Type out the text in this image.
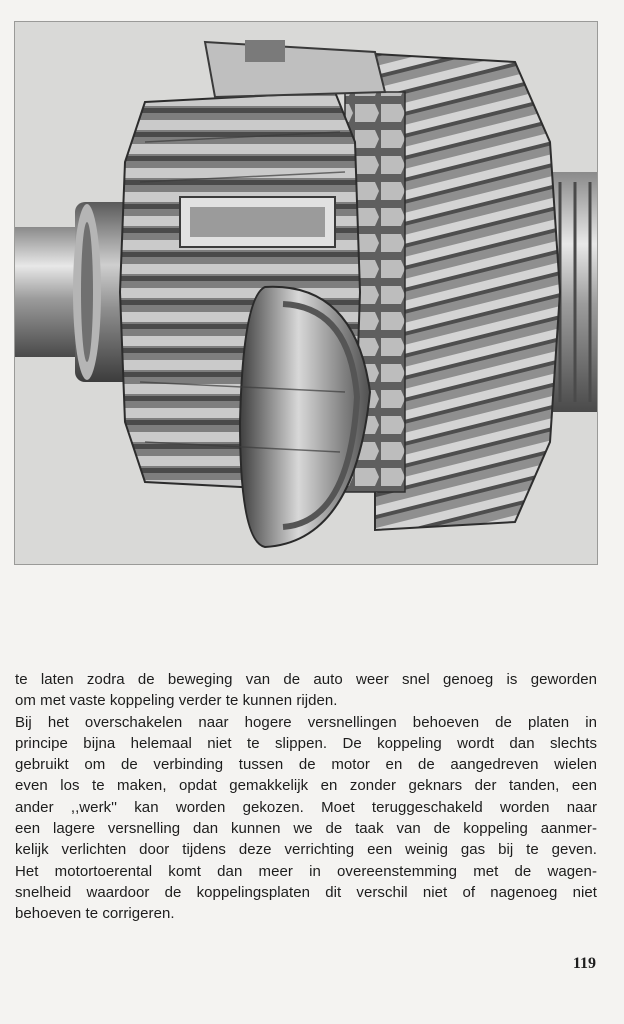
te laten zodra de beweging van de auto weer snel genoeg is geworden
om met vaste koppeling verder te kunnen rijden.
Bij het overschakelen naar hogere versnellingen behoeven de platen in
principe bijna helemaal niet te slippen. De koppeling wordt dan slechts
gebruikt om de verbinding tussen de motor en de aangedreven wielen
even los te maken, opdat gemakkelijk en zonder geknars der tanden, een
ander ,,werk'' kan worden gekozen. Moet teruggeschakeld worden naar
een lagere versnelling dan kunnen we de taak van de koppeling aanmer-
kelijk verlichten door tijdens deze verrichting een weinig gas bij te geven.
Het motortoerental komt dan meer in overeenstemming met de wagen-
snelheid waardoor de koppelingsplaten dit verschil niet of nagenoeg niet
behoeven te corrigeren.
119
